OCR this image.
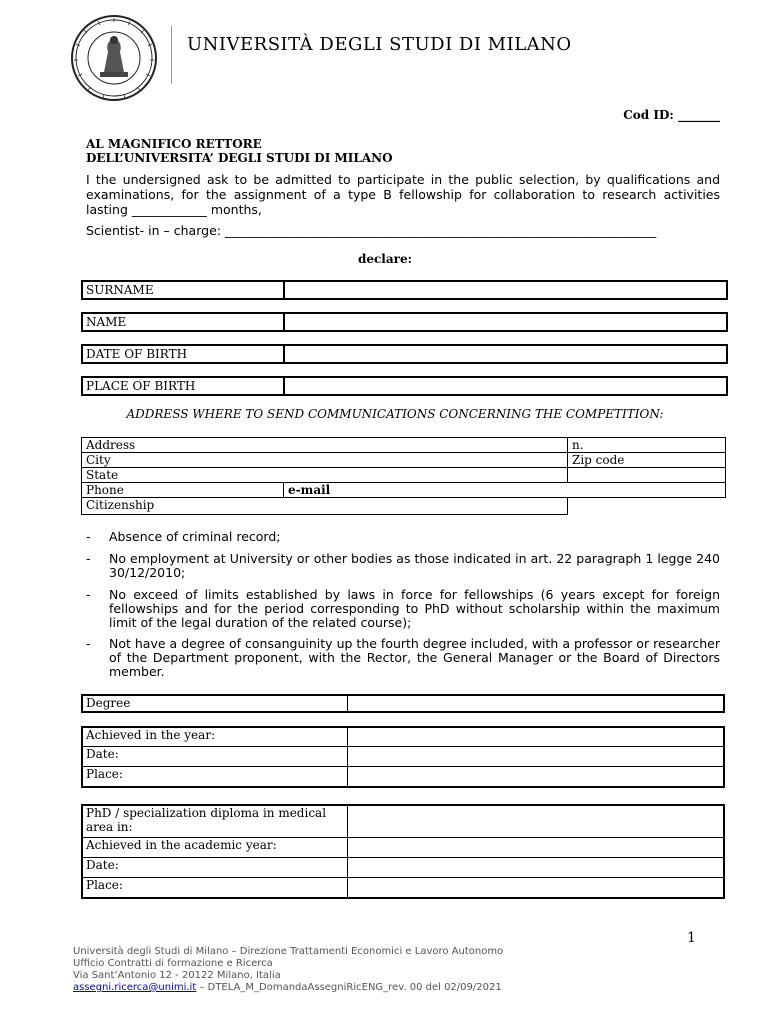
UNIVERSITÀ DEGLI STUDI DI MILANO
Cod ID: _______
AL MAGNIFICO RETTORE
DELL’UNIVERSITA’ DEGLI STUDI DI MILANO
I the undersigned ask to be admitted to participate in the public selection, by qualifications and examinations, for the assignment of a type B fellowship for collaboration to research activities lasting ____________ months,
Scientist- in – charge: _____________________________________________________________________
declare:
SURNAME
NAME
DATE OF BIRTH
PLACE OF BIRTH
ADDRESS WHERE TO SEND COMMUNICATIONS CONCERNING THE COMPETITION:
Address	n.
City	Zip code
State
Phone	e-mail
Citizenship
- Absence of criminal record;
- No employment at University or other bodies as those indicated in art. 22 paragraph 1 legge 240 30/12/2010;
- No exceed of limits established by laws in force for fellowships (6 years except for foreign fellowships and for the period corresponding to PhD without scholarship within the maximum limit of the legal duration of the related course);
- Not have a degree of consanguinity up the fourth degree included, with a professor or researcher of the Department proponent, with the Rector, the General Manager or the Board of Directors member.
Degree
Achieved in the year:
Date:
Place:
PhD / specialization diploma in medical area in:
Achieved in the academic year:
Date:
Place:
1
Università degli Studi di Milano – Direzione Trattamenti Economici e Lavoro Autonomo
Ufficio Contratti di formazione e Ricerca
Via Sant’Antonio 12 - 20122 Milano, Italia
assegni.ricerca@unimi.it – DTELA_M_DomandaAssegniRicENG_rev. 00 del 02/09/2021
